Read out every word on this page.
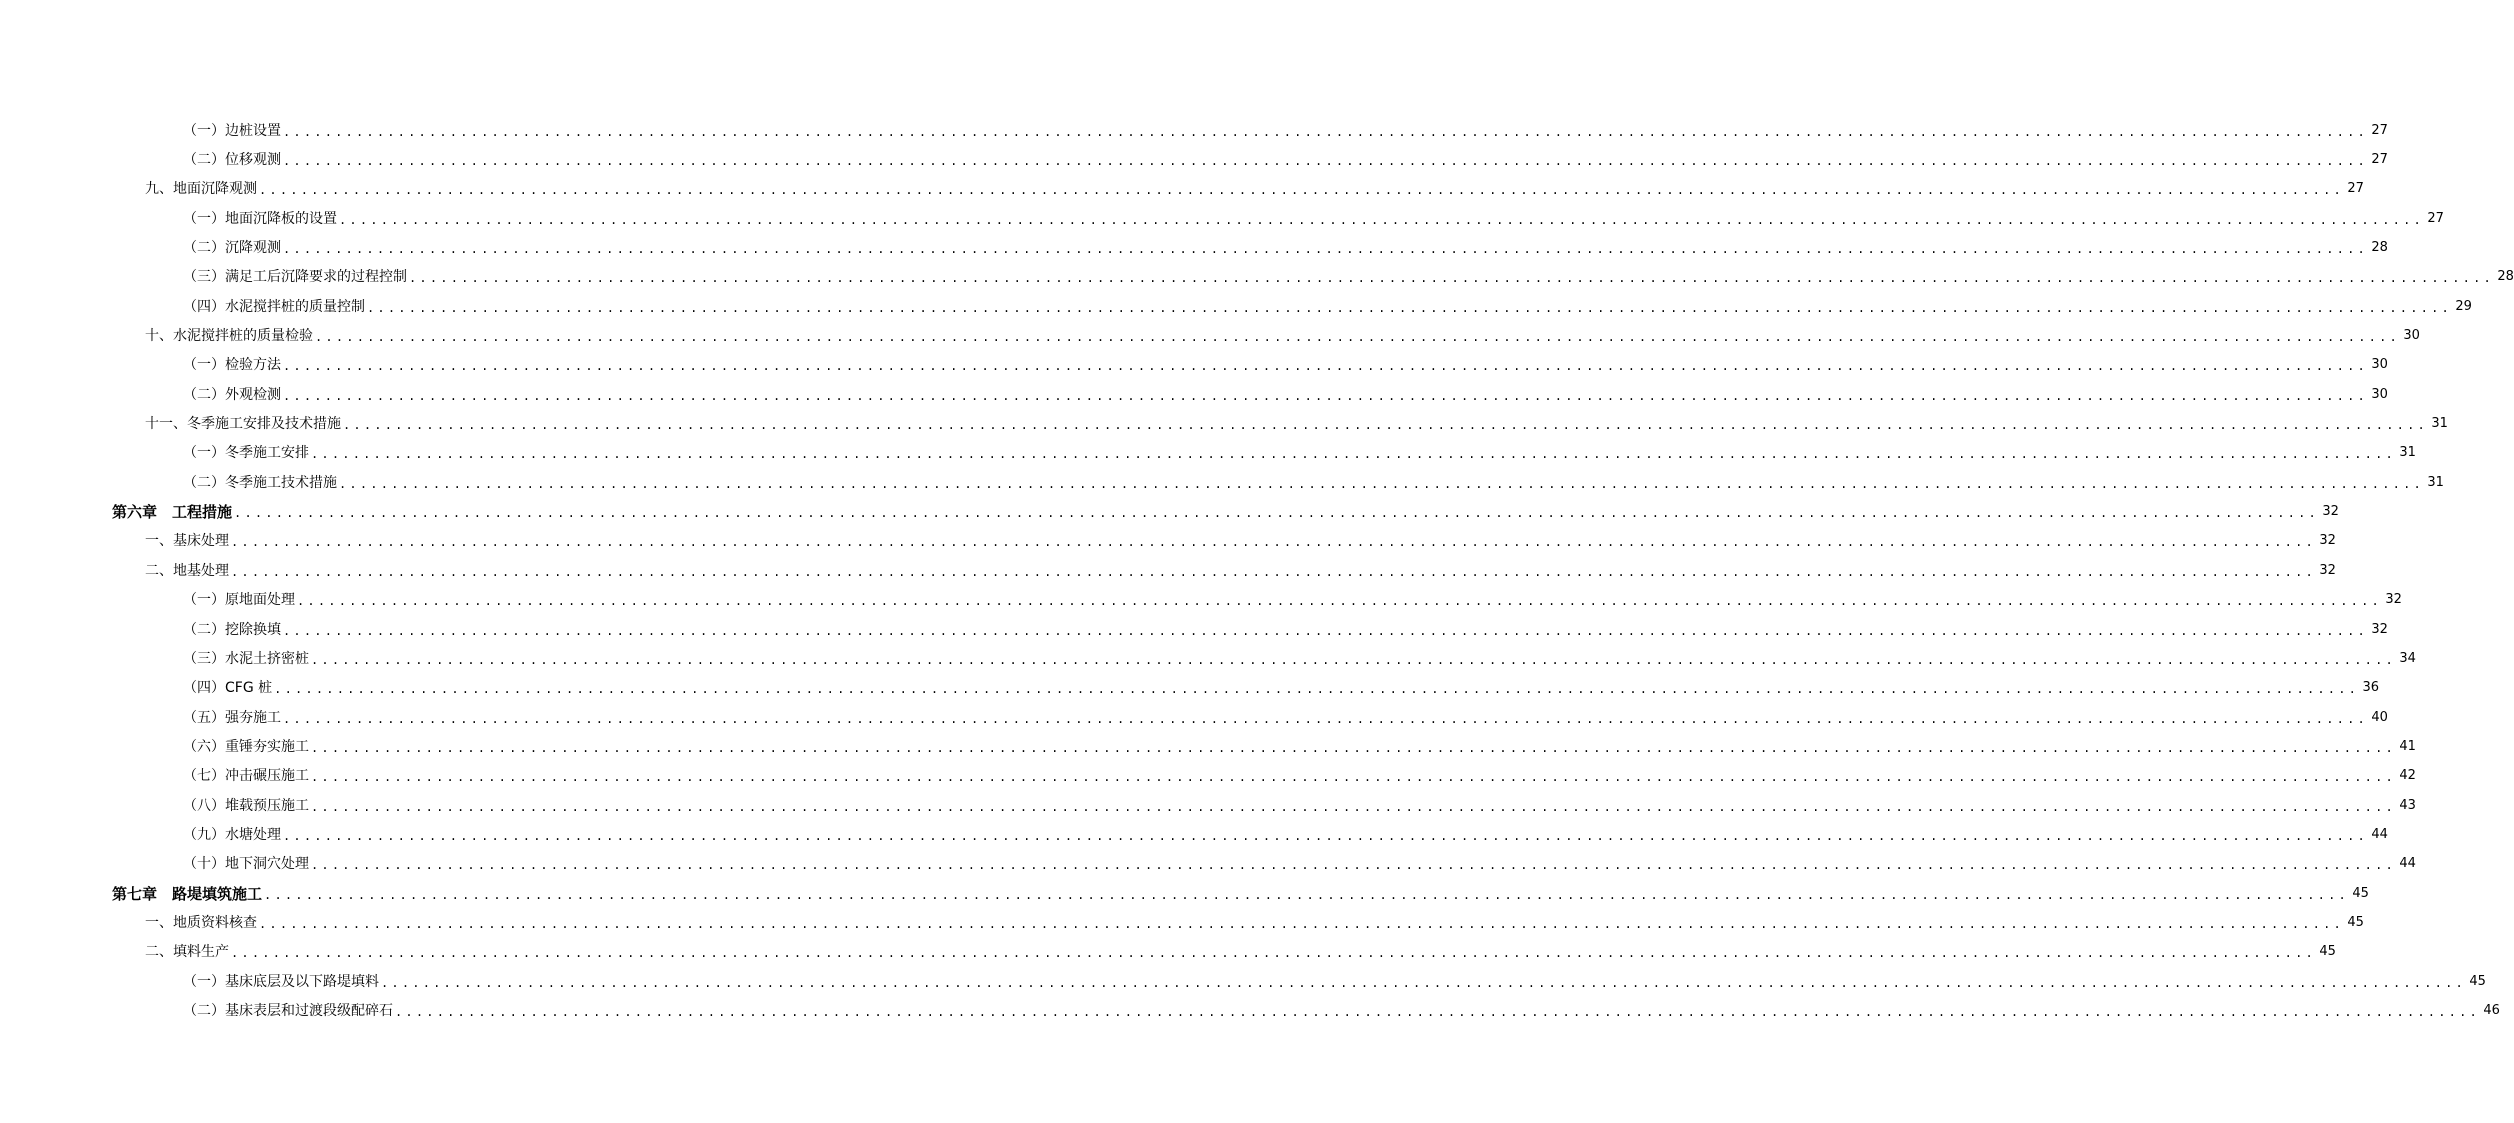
（一）边桩设置 ........................................................................................................................................................................................................ 27
（二）位移观测 ........................................................................................................................................................................................................ 27
九、地面沉降观测 ........................................................................................................................................................................................................ 27
（一）地面沉降板的设置 ........................................................................................................................................................................................................ 27
（二）沉降观测 ........................................................................................................................................................................................................ 28
（三）满足工后沉降要求的过程控制 ........................................................................................................................................................................................................ 28
（四）水泥搅拌桩的质量控制 ........................................................................................................................................................................................................ 29
十、水泥搅拌桩的质量检验 ........................................................................................................................................................................................................ 30
（一）检验方法 ........................................................................................................................................................................................................ 30
（二）外观检测 ........................................................................................................................................................................................................ 30
十一、冬季施工安排及技术措施 ........................................................................................................................................................................................................ 31
（一）冬季施工安排 ........................................................................................................................................................................................................ 31
（二）冬季施工技术措施 ........................................................................................................................................................................................................ 31
第六章　工程措施 ........................................................................................................................................................................................................ 32
一、基床处理 ........................................................................................................................................................................................................ 32
二、地基处理 ........................................................................................................................................................................................................ 32
（一）原地面处理 ........................................................................................................................................................................................................ 32
（二）挖除换填 ........................................................................................................................................................................................................ 32
（三）水泥土挤密桩 ........................................................................................................................................................................................................ 34
（四）CFG 桩 ........................................................................................................................................................................................................ 36
（五）强夯施工 ........................................................................................................................................................................................................ 40
（六）重锤夯实施工 ........................................................................................................................................................................................................ 41
（七）冲击碾压施工 ........................................................................................................................................................................................................ 42
（八）堆载预压施工 ........................................................................................................................................................................................................ 43
（九）水塘处理 ........................................................................................................................................................................................................ 44
（十）地下洞穴处理 ........................................................................................................................................................................................................ 44
第七章　路堤填筑施工 ........................................................................................................................................................................................................ 45
一、地质资料核查 ........................................................................................................................................................................................................ 45
二、填料生产 ........................................................................................................................................................................................................ 45
（一）基床底层及以下路堤填料 ........................................................................................................................................................................................................ 45
（二）基床表层和过渡段级配碎石 ........................................................................................................................................................................................................ 46
